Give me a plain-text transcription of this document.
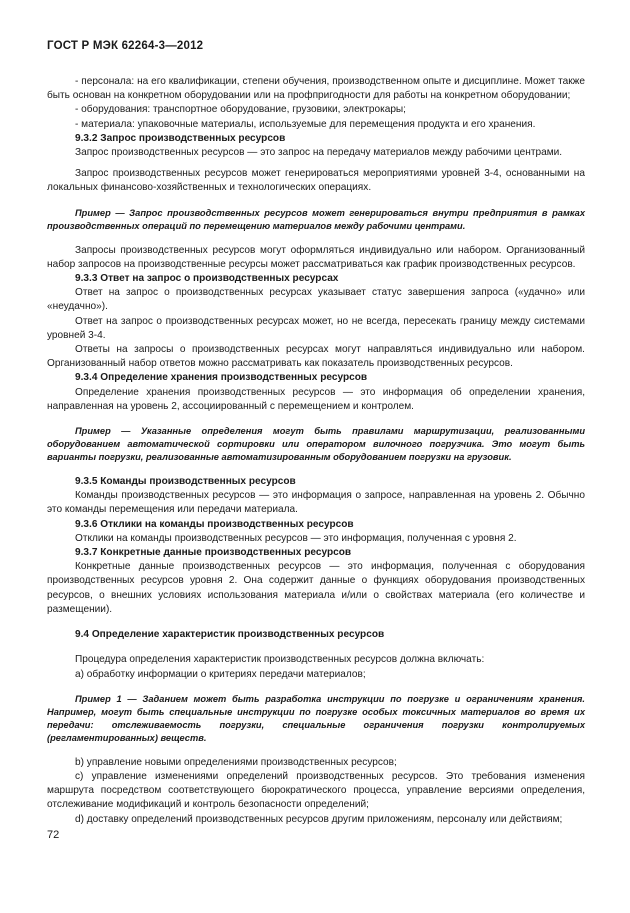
ГОСТ Р МЭК 62264-3—2012

- персонала: на его квалификации, степени обучения, производственном опыте и дисциплине. Может также быть основан на конкретном оборудовании или на профпригодности для работы на конкретном оборудовании;

- оборудования: транспортное оборудование, грузовики, электрокары;

- материала: упаковочные материалы, используемые для перемещения продукта и его хранения.

9.3.2 Запрос производственных ресурсов

Запрос производственных ресурсов — это запрос на передачу материалов между рабочими центрами.

Запрос производственных ресурсов может генерироваться мероприятиями уровней 3-4, основанными на локальных финансово-хозяйственных и технологических операциях.

Пример — Запрос производственных ресурсов может генерироваться внутри предприятия в рамках производственных операций по перемещению материалов между рабочими центрами.

Запросы производственных ресурсов могут оформляться индивидуально или набором. Организованный набор запросов на производственные ресурсы может рассматриваться как график производственных ресурсов.

9.3.3 Ответ на запрос о производственных ресурсах

Ответ на запрос о производственных ресурсах указывает статус завершения запроса («удачно» или «неудачно»).

Ответ на запрос о производственных ресурсах может, но не всегда, пересекать границу между системами уровней 3-4.

Ответы на запросы о производственных ресурсах могут направляться индивидуально или набором. Организованный набор ответов можно рассматривать как показатель производственных ресурсов.

9.3.4 Определение хранения производственных ресурсов

Определение хранения производственных ресурсов — это информация об определении хранения, направленная на уровень 2, ассоциированный с перемещением и контролем.

Пример — Указанные определения могут быть правилами маршрутизации, реализованными оборудованием автоматической сортировки или оператором вилочного погрузчика. Это могут быть варианты погрузки, реализованные автоматизированным оборудованием погрузки на грузовик.

9.3.5 Команды производственных ресурсов

Команды производственных ресурсов — это информация о запросе, направленная на уровень 2. Обычно это команды перемещения или передачи материала.

9.3.6 Отклики на команды производственных ресурсов

Отклики на команды производственных ресурсов — это информация, полученная с уровня 2.

9.3.7 Конкретные данные производственных ресурсов

Конкретные данные производственных ресурсов — это информация, полученная с оборудования производственных ресурсов уровня 2. Она содержит данные о функциях оборудования производственных ресурсов, о внешних условиях использования материала и/или о свойствах материала (его количестве и размещении).

9.4 Определение характеристик производственных ресурсов

Процедура определения характеристик производственных ресурсов должна включать:

а) обработку информации о критериях передачи материалов;

Пример 1 — Заданием может быть разработка инструкции по погрузке и ограничениям хранения. Например, могут быть специальные инструкции по погрузке особых токсичных материалов во время их передачи: отслеживаемость погрузки, специальные ограничения погрузки контролируемых (регламентированных) веществ.

b) управление новыми определениями производственных ресурсов;

с) управление изменениями определений производственных ресурсов. Это требования изменения маршрута посредством соответствующего бюрократического процесса, управление версиями определения, отслеживание модификаций и контроль безопасности определений;

d) доставку определений производственных ресурсов другим приложениям, персоналу или действиям;

72
